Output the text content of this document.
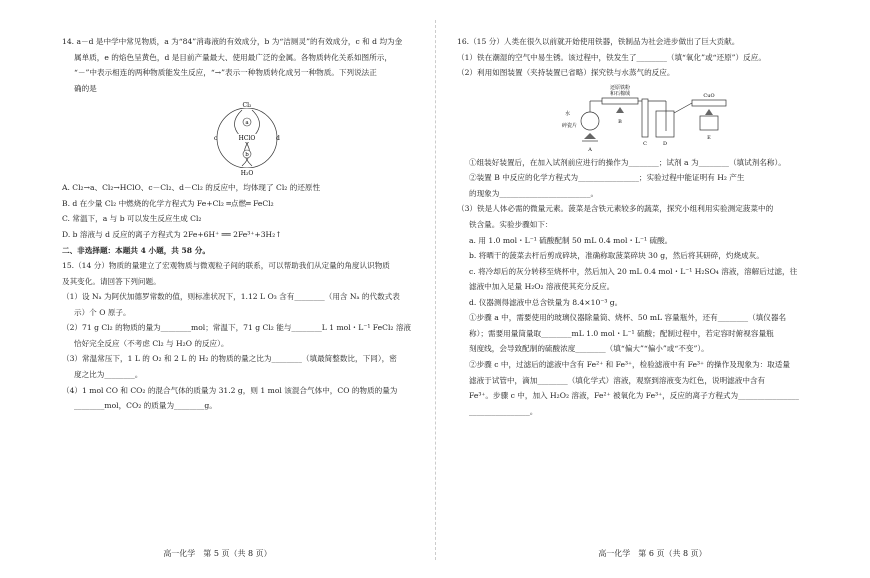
14. a－d 是中学中常见物质，a 为“84”消毒液的有效成分，b 为“洁厕灵”的有效成分，c 和 d 均为金

属单质，e 的焰色呈黄色，d 是目前产量最大、使用最广泛的金属。各物质转化关系如图所示，

“－”中表示相连的两种物质能发生反应，“→”表示一种物质转化成另一种物质。下列说法正

确的是

Cl₂
a
HClO
b
H₂O
c	d

A. Cl₂→a、Cl₂→HClO、c－Cl₂、d－Cl₂ 的反应中，均体现了 Cl₂ 的还原性

B. d 在少量 Cl₂ 中燃烧的化学方程式为 Fe+Cl₂ ═点燃═ FeCl₂

C. 常温下，a 与 b 可以发生反应生成 Cl₂

D. b 溶液与 d 反应的离子方程式为 2Fe+6H⁺ ══ 2Fe³⁺+3H₂↑

二、非选择题：本题共 4 小题，共 58 分。

15.（14 分）物质的量建立了宏观物质与微观粒子间的联系，可以帮助我们从定量的角度认识物质

及其变化。请回答下列问题。

（1）设 Nₐ 为阿伏加德罗常数的值，则标准状况下，1.12 L O₃ 含有________（用含 Nₐ 的代数式表

示）个 O 原子。

（2）71 g Cl₂ 的物质的量为________mol；常温下，71 g Cl₂ 能与________L 1 mol・L⁻¹ FeCl₂ 溶液

恰好完全反应（不考虑 Cl₂ 与 H₂O 的反应）。

（3）常温常压下，1 L 的 O₂ 和 2 L 的 H₂ 的物质的量之比为________（填最简整数比，下同），密

度之比为________。

（4）1 mol CO 和 CO₂ 的混合气体的质量为 31.2 g，则 1 mol 该混合气体中，CO 的物质的量为

________mol，CO₂ 的质量为________g。

高一化学　第 5 页（共 8 页）

16.（15 分）人类在很久以前就开始使用铁器，铁制品为社会进步做出了巨大贡献。

（1）铁在潮湿的空气中易生锈。该过程中，铁发生了________（填“氧化”或“还原”）反应。

（2）利用如图装置（夹持装置已省略）探究铁与水蒸气的反应。

还原铁粉
和石棉绒	CuO
水
碎瓷片
A
B
C	D
E

①组装好装置后，在加入试剂前应进行的操作为________；试剂 a 为________（填试剂名称）。

②装置 B 中反应的化学方程式为________________；实验过程中能证明有 H₂ 产生

的现象为________________________。

（3）铁是人体必需的微量元素。菠菜是含铁元素较多的蔬菜，探究小组利用实验测定菠菜中的

铁含量。实验步骤如下：

a. 用 1.0 mol・L⁻¹ 硫酸配制 50 mL 0.4 mol・L⁻¹ 硫酸。

b. 将晒干的菠菜去杆后剪成碎块，准确称取菠菜碎块 30 g，然后将其研碎，灼烧成灰。

c. 将冷却后的灰分转移至烧杯中，然后加入 20 mL 0.4 mol・L⁻¹ H₂SO₄ 溶液，溶解后过滤，往

滤液中加入足量 H₂O₂ 溶液使其充分反应。

d. 仪器测得滤液中总含铁量为 8.4×10⁻³ g。

①步骤 a 中，需要使用的玻璃仪器除量筒、烧杯、50 mL 容量瓶外，还有________（填仪器名

称）；需要用量筒量取________mL 1.0 mol・L⁻¹ 硫酸；配制过程中，若定容时俯视容量瓶

刻度线，会导致配制的硫酸浓度________（填“偏大”“偏小”或“不变”）。

②步骤 c 中，过滤后的滤液中含有 Fe²⁺ 和 Fe³⁺，检验滤液中有 Fe³⁺ 的操作及现象为：取适量

滤液于试管中，滴加________（填化学式）溶液，观察到溶液变为红色，说明滤液中含有

Fe³⁺。步骤 c 中，加入 H₂O₂ 溶液，Fe²⁺ 被氧化为 Fe³⁺，反应的离子方程式为________________

________________。

高一化学　第 6 页（共 8 页）
